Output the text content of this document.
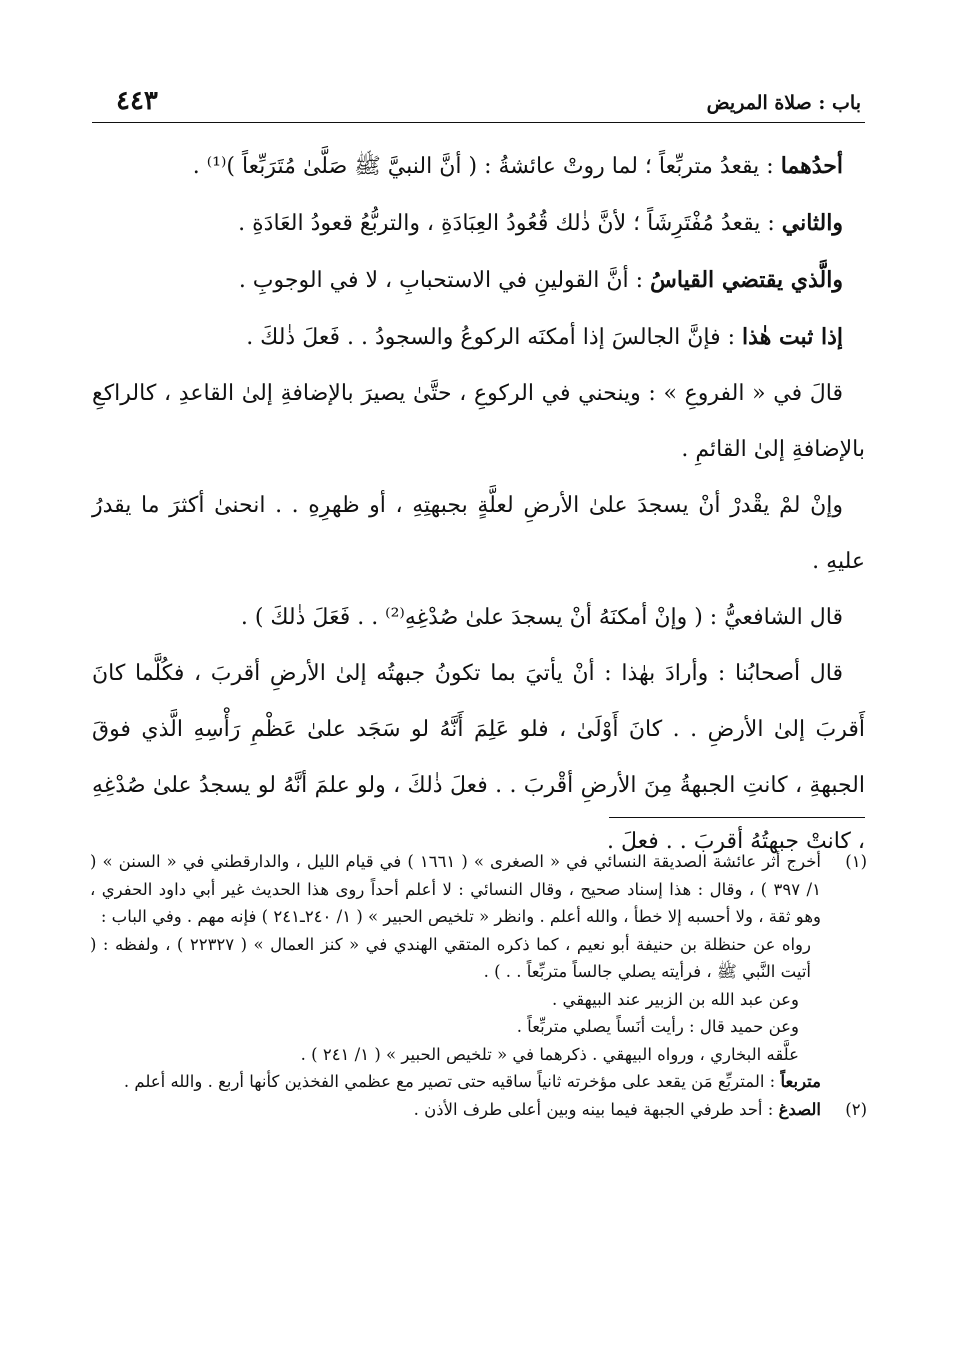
باب : صلاة المريض
٤٤٣

أحدُهما : يقعدُ متربِّعاً ؛ لما روتْ عائشةُ : ( أنَّ النبيَّ ﷺ صَلَّىٰ مُتَرَبِّعاً )⁽¹⁾ .

والثاني : يقعدُ مُفْتَرِشَاً ؛ لأنَّ ذٰلك قُعُودُ العِبَادَةِ ، والتربُّعُ قعودُ العَادَةِ .

والَّذي يقتضي القياسُ : أنَّ القولينِ في الاستحبابِ ، لا في الوجوبِ .

إذا ثبت هٰذا : فإنَّ الجالسَ إذا أمكنَه الركوعُ والسجودُ . . فَعلَ ذٰلكَ .

قالَ في « الفروعِ » : وينحني في الركوعِ ، حتَّىٰ يصيرَ بالإضافةِ إلىٰ القاعدِ ، كالراكعِ بالإضافةِ إلىٰ القائمِ .

وإنْ لمْ يقْدرْ أنْ يسجدَ علىٰ الأرضِ لعلَّةٍ بجبهتِهِ ، أو ظهرِهِ . . انحنىٰ أكثرَ ما يقدرُ عليهِ .

قال الشافعيُّ : ( وإنْ أمكنَهُ أنْ يسجدَ علىٰ صُدْغِهِ⁽²⁾ . . فَعَلَ ذٰلكَ ) .

قال أصحابُنا : وأرادَ بهٰذا : أنْ يأتيَ بما تكونُ جبهتُه إلىٰ الأرضِ أقربَ ، فكُلَّما كانَ أَقربَ إلىٰ الأرضِ . . كانَ أَوْلَىٰ ، فلو عَلِمَ أَنَّهُ لو سَجَد علىٰ عَظْمِ رَأْسِهِ الَّذي فوقَ الجبهةِ ، كانتِ الجبهةُ مِنَ الأرضِ أقْربَ . . فعلَ ذٰلكَ ، ولو علمَ أنَّهُ لو يسجدُ علىٰ صُدْغِهِ ، كانتْ جبهتُهُ أقربَ . . فعلَ .

(١)

أخرج أثر عائشة الصديقة النسائي في « الصغرى » ( ١٦٦١ ) في قيام الليل ، والدارقطني في « السنن » ( ١/ ٣٩٧ ) ، وقال : هذا إسناد صحيح ، وقال النسائي : لا أعلم أحداً روى هذا الحديث غير أبي داود الحفري ، وهو ثقة ، ولا أحسبه إلا خطأ ، والله أعلم . وانظر « تلخيص الحبير » ( ١/ ٢٤٠ـ٢٤١ ) فإنه مهم . وفي الباب :

رواه عن حنظلة بن حنيفة أبو نعيم ، كما ذكره المتقي الهندي في « كنز العمال » ( ٢٢٣٢٧ ) ، ولفظه : ( أتيت النَّبي ﷺ ، فرأيته يصلي جالساً متربِّعاً . . ) .

وعن عبد الله بن الزبير عند البيهقي .

وعن حميد قال : رأيت أنَساً يصلي متربِّعاً .

علَّقه البخاري ، ورواه البيهقي . ذكرهما في « تلخيص الحبير » ( ١/ ٢٤١ ) .

متربعاً : المتربِّع مَن يقعد على مؤخرته ثانياً ساقيه حتى تصير مع عظمي الفخذين كأنها أربع . والله أعلم .

(٢)

الصدغ : أحد طرفي الجبهة فيما بينه وبين أعلى طرف الأذن .
